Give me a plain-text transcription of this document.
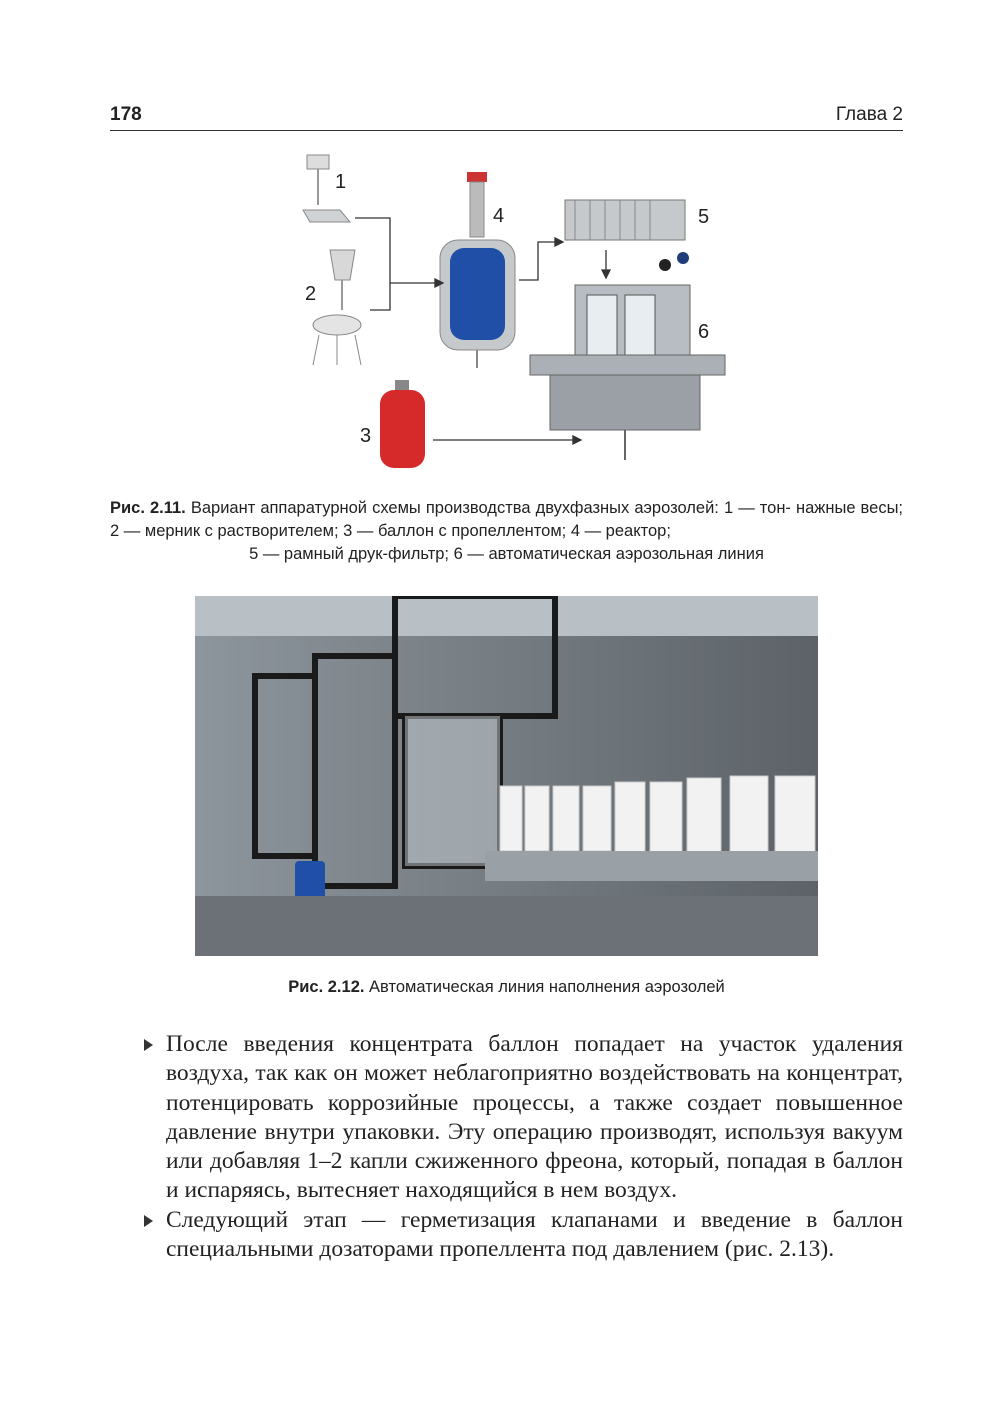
178	Глава 2
1
2
4	5
6
3
Рис. 2.11. Вариант аппаратурной схемы производства двухфазных аэрозолей: 1 — тон- нажные весы; 2 — мерник с растворителем; 3 — баллон с пропеллентом; 4 — реактор;
5 — рамный друк-фильтр; 6 — автоматическая аэрозольная линия
Рис. 2.12. Автоматическая линия наполнения аэрозолей

После введения концентрата баллон попадает на участок удаления воздуха, так как он может неблагоприятно воздействовать на концентрат, потенцировать коррозийные процессы, а также создает повышенное давление внутри упаковки. Эту операцию производят, используя вакуум или добавляя 1–2 капли сжиженного фреона, который, попадая в баллон и испаряясь, вытесняет находящийся в нем воздух.

Следующий этап — герметизация клапанами и введение в баллон специальными дозаторами пропеллента под давлением (рис. 2.13).
